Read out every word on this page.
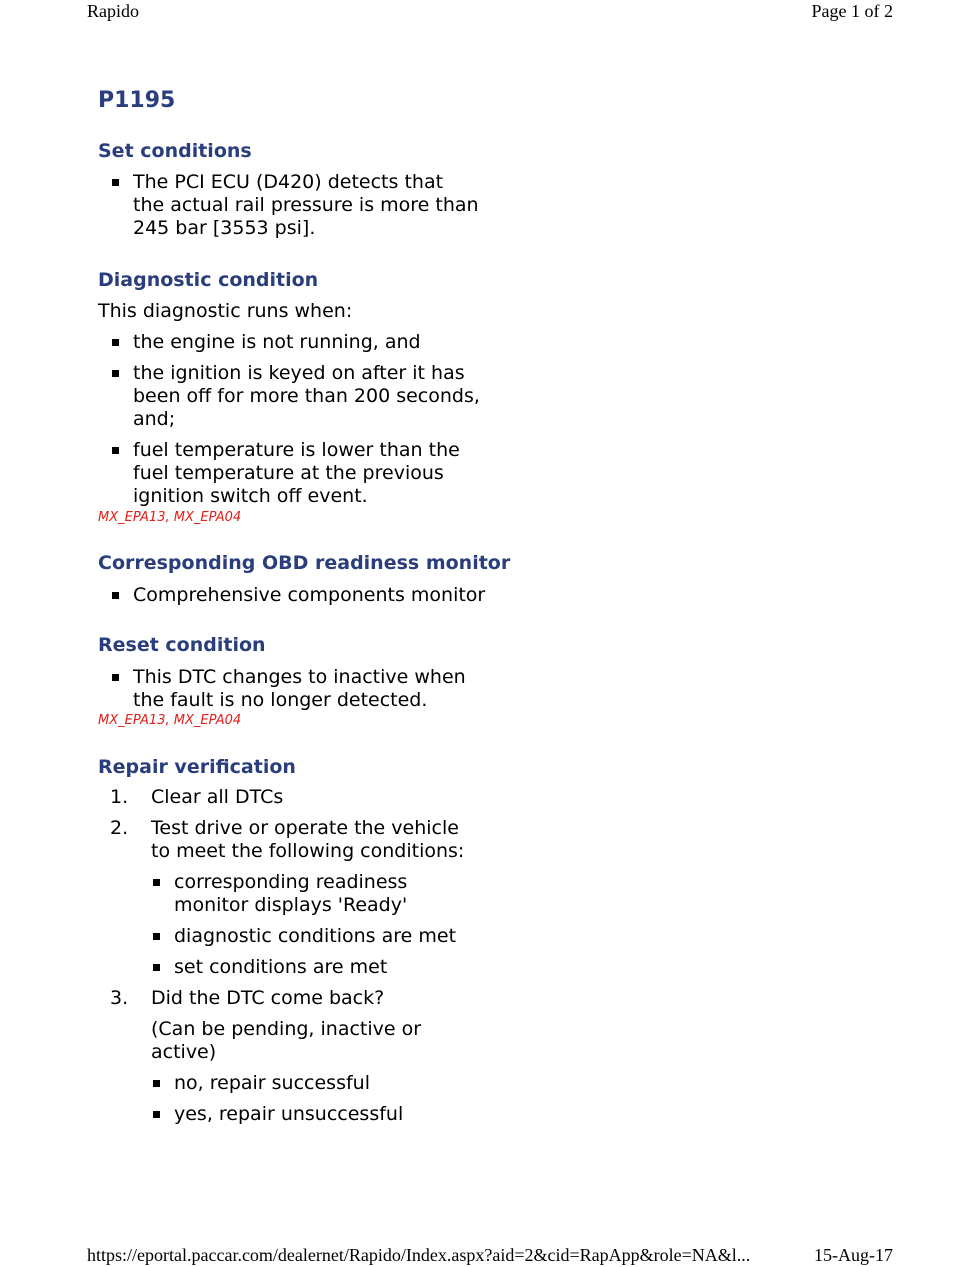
Rapido	Page 1 of 2
P1195
Set conditions
The PCI ECU (D420) detects that
the actual rail pressure is more than
245 bar [3553 psi].
Diagnostic condition

This diagnostic runs when:

the engine is not running, and
the ignition is keyed on after it has
been off for more than 200 seconds,
and;
fuel temperature is lower than the
fuel temperature at the previous
ignition switch off event.

MX_EPA13, MX_EPA04

Corresponding OBD readiness monitor
Comprehensive components monitor
Reset condition
This DTC changes to inactive when
the fault is no longer detected.

MX_EPA13, MX_EPA04

Repair verification
1. Clear all DTCs
2. Test drive or operate the vehicle
to meet the following conditions:
corresponding readiness
monitor displays 'Ready'
diagnostic conditions are met
set conditions are met
3. Did the DTC come back?
(Can be pending, inactive or
active)
no, repair successful
yes, repair unsuccessful
https://eportal.paccar.com/dealernet/Rapido/Index.aspx?aid=2&cid=RapApp&role=NA&l...	15-Aug-17
